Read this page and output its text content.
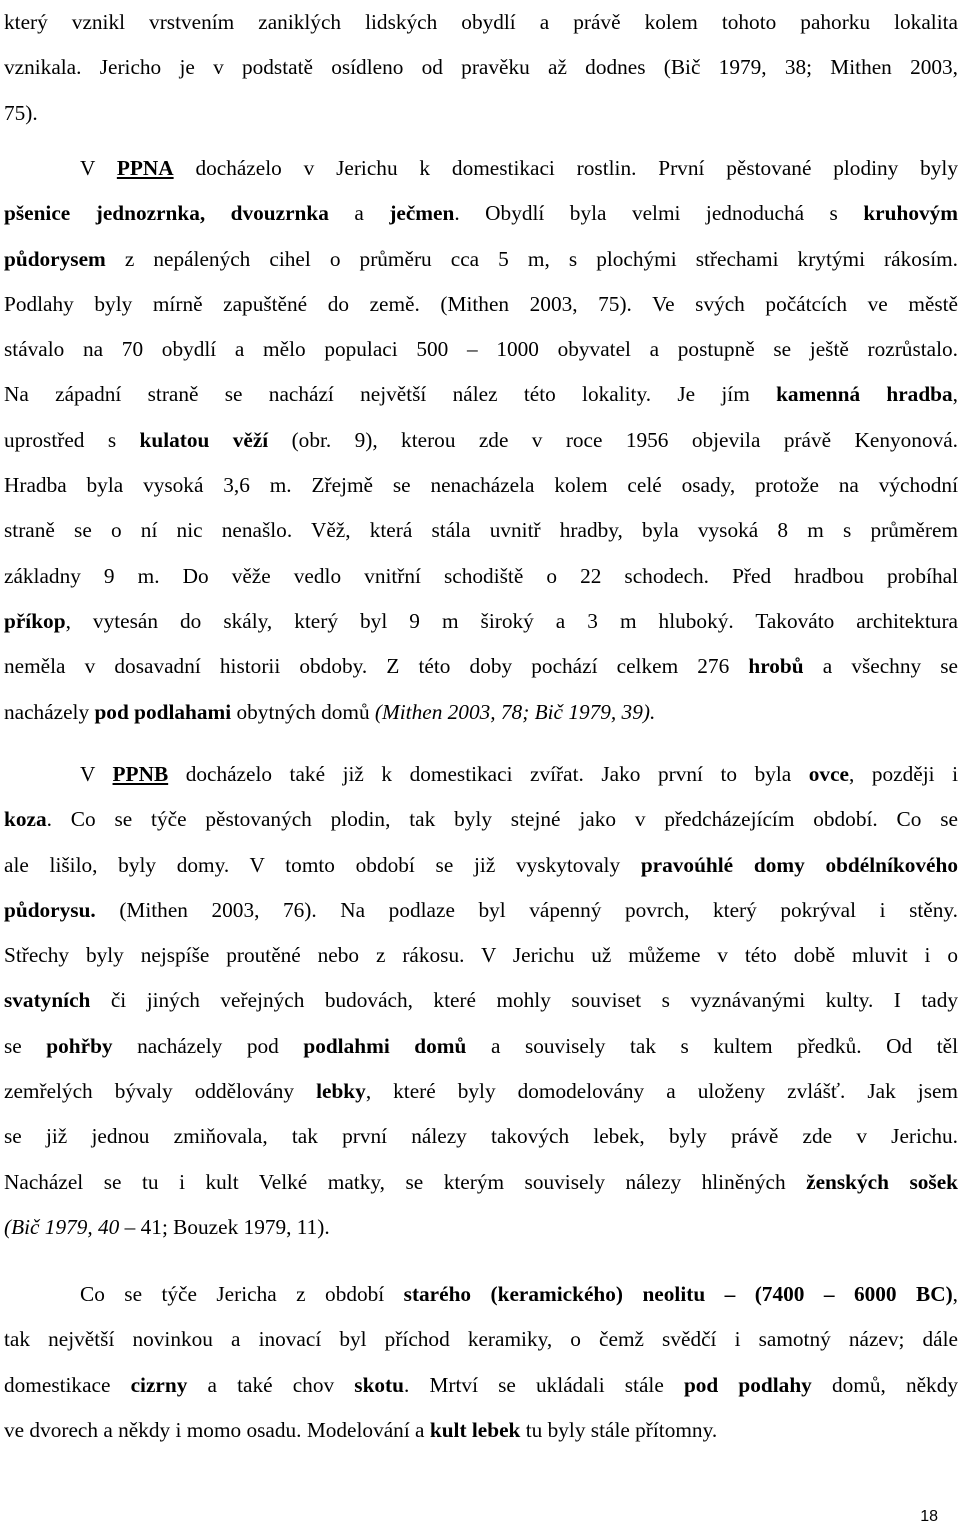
který vznikl vrstvením zaniklých lidských obydlí a právě kolem tohoto pahorku lokalita
vznikala. Jericho je v podstatě osídleno od pravěku až dodnes (Bič 1979, 38; Mithen 2003,
75).
V PPNA docházelo v Jerichu k domestikaci rostlin. První pěstované plodiny byly
pšenice jednozrnka, dvouzrnka a ječmen. Obydlí byla velmi jednoduchá s kruhovým
půdorysem z nepálených cihel o průměru cca 5 m, s plochými střechami krytými rákosím.
Podlahy byly mírně zapuštěné do země. (Mithen 2003, 75). Ve svých počátcích ve městě
stávalo na 70 obydlí a mělo populaci 500 – 1000 obyvatel a postupně se ještě rozrůstalo.
Na západní straně se nachází největší nález této lokality. Je jím kamenná hradba,
uprostřed s kulatou věží (obr. 9), kterou zde v roce 1956 objevila právě Kenyonová.
Hradba byla vysoká 3,6 m. Zřejmě se nenacházela kolem celé osady, protože na východní
straně se o ní nic nenašlo. Věž, která stála uvnitř hradby, byla vysoká 8 m s průměrem
základny 9 m. Do věže vedlo vnitřní schodiště o 22 schodech. Před hradbou probíhal
příkop, vytesán do skály, který byl 9 m široký a 3 m hluboký. Takováto architektura
neměla v dosavadní historii obdoby. Z této doby pochází celkem 276 hrobů a všechny se
nacházely pod podlahami obytných domů (Mithen 2003, 78; Bič 1979, 39).
V PPNB docházelo také již k domestikaci zvířat. Jako první to byla ovce, později i
koza. Co se týče pěstovaných plodin, tak byly stejné jako v předcházejícím období. Co se
ale lišilo, byly domy. V tomto období se již vyskytovaly pravoúhlé domy obdélníkového
půdorysu. (Mithen 2003, 76). Na podlaze byl vápenný povrch, který pokrýval i stěny.
Střechy byly nejspíše proutěné nebo z rákosu. V Jerichu už můžeme v této době mluvit i o
svatyních či jiných veřejných budovách, které mohly souviset s vyznávanými kulty. I tady
se pohřby nacházely pod podlahmi domů a souvisely tak s kultem předků. Od těl
zemřelých bývaly oddělovány lebky, které byly domodelovány a uloženy zvlášť. Jak jsem
se již jednou zmiňovala, tak první nálezy takových lebek, byly právě zde v Jerichu.
Nacházel se tu i kult Velké matky, se kterým souvisely nálezy hliněných ženských sošek
(Bič 1979, 40 – 41; Bouzek 1979, 11).
Co se týče Jericha z období starého (keramického) neolitu – (7400 – 6000 BC),
tak největší novinkou a inovací byl příchod keramiky, o čemž svědčí i samotný název; dále
domestikace cizrny a také chov skotu. Mrtví se ukládali stále pod podlahy domů, někdy
ve dvorech a někdy i momo osadu. Modelování a kult lebek tu byly stále přítomny.
18
